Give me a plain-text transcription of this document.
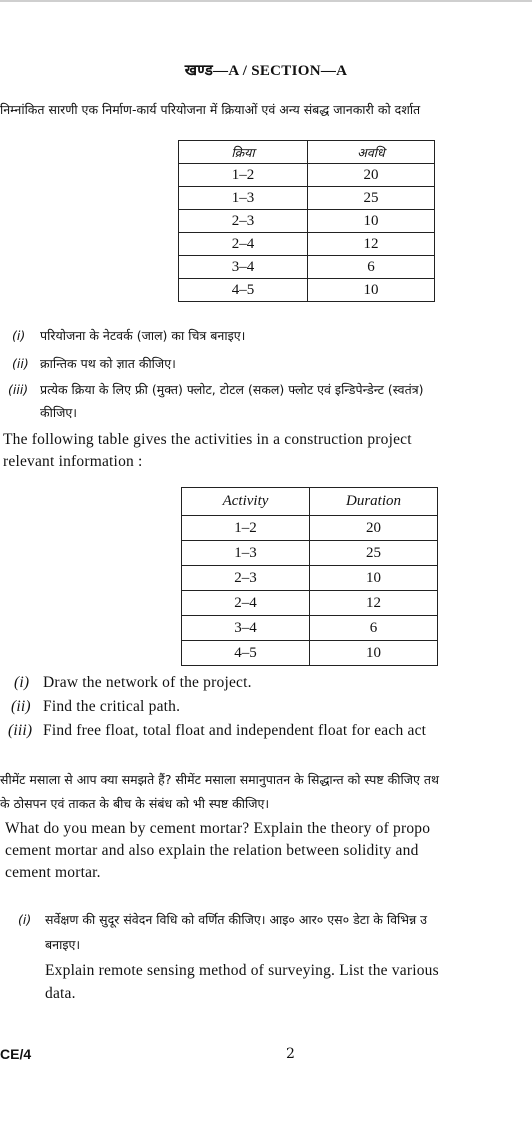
खण्ड—A / SECTION—A
निम्नांकित सारणी एक निर्माण-कार्य परियोजना में क्रियाओं एवं अन्य संबद्ध जानकारी को दर्शात
क्रिया	अवधि
1–2	20
1–3	25
2–3	10
2–4	12
3–4	6
4–5	10
(i) परियोजना के नेटवर्क (जाल) का चित्र बनाइए।
(ii) क्रान्तिक पथ को ज्ञात कीजिए।
(iii) प्रत्येक क्रिया के लिए फ्री (मुक्त) फ्लोट, टोटल (सकल) फ्लोट एवं इन्डिपेन्डेन्ट (स्वतंत्र)
कीजिए।
The following table gives the activities in a construction project
relevant information :
Activity	Duration
1–2	20
1–3	25
2–3	10
2–4	12
3–4	6
4–5	10
(i) Draw the network of the project.
(ii) Find the critical path.
(iii) Find free float, total float and independent float for each act
सीमेंट मसाला से आप क्या समझते हैं? सीमेंट मसाला समानुपातन के सिद्धान्त को स्पष्ट कीजिए तथ
के ठोसपन एवं ताकत के बीच के संबंध को भी स्पष्ट कीजिए।
What do you mean by cement mortar? Explain the theory of propo
cement mortar and also explain the relation between solidity and
cement mortar.
(i) सर्वेक्षण की सुदूर संवेदन विधि को वर्णित कीजिए। आइ० आर० एस० डेटा के विभिन्न उ
बनाइए।
Explain remote sensing method of surveying. List the various
data.
CE/4	2
